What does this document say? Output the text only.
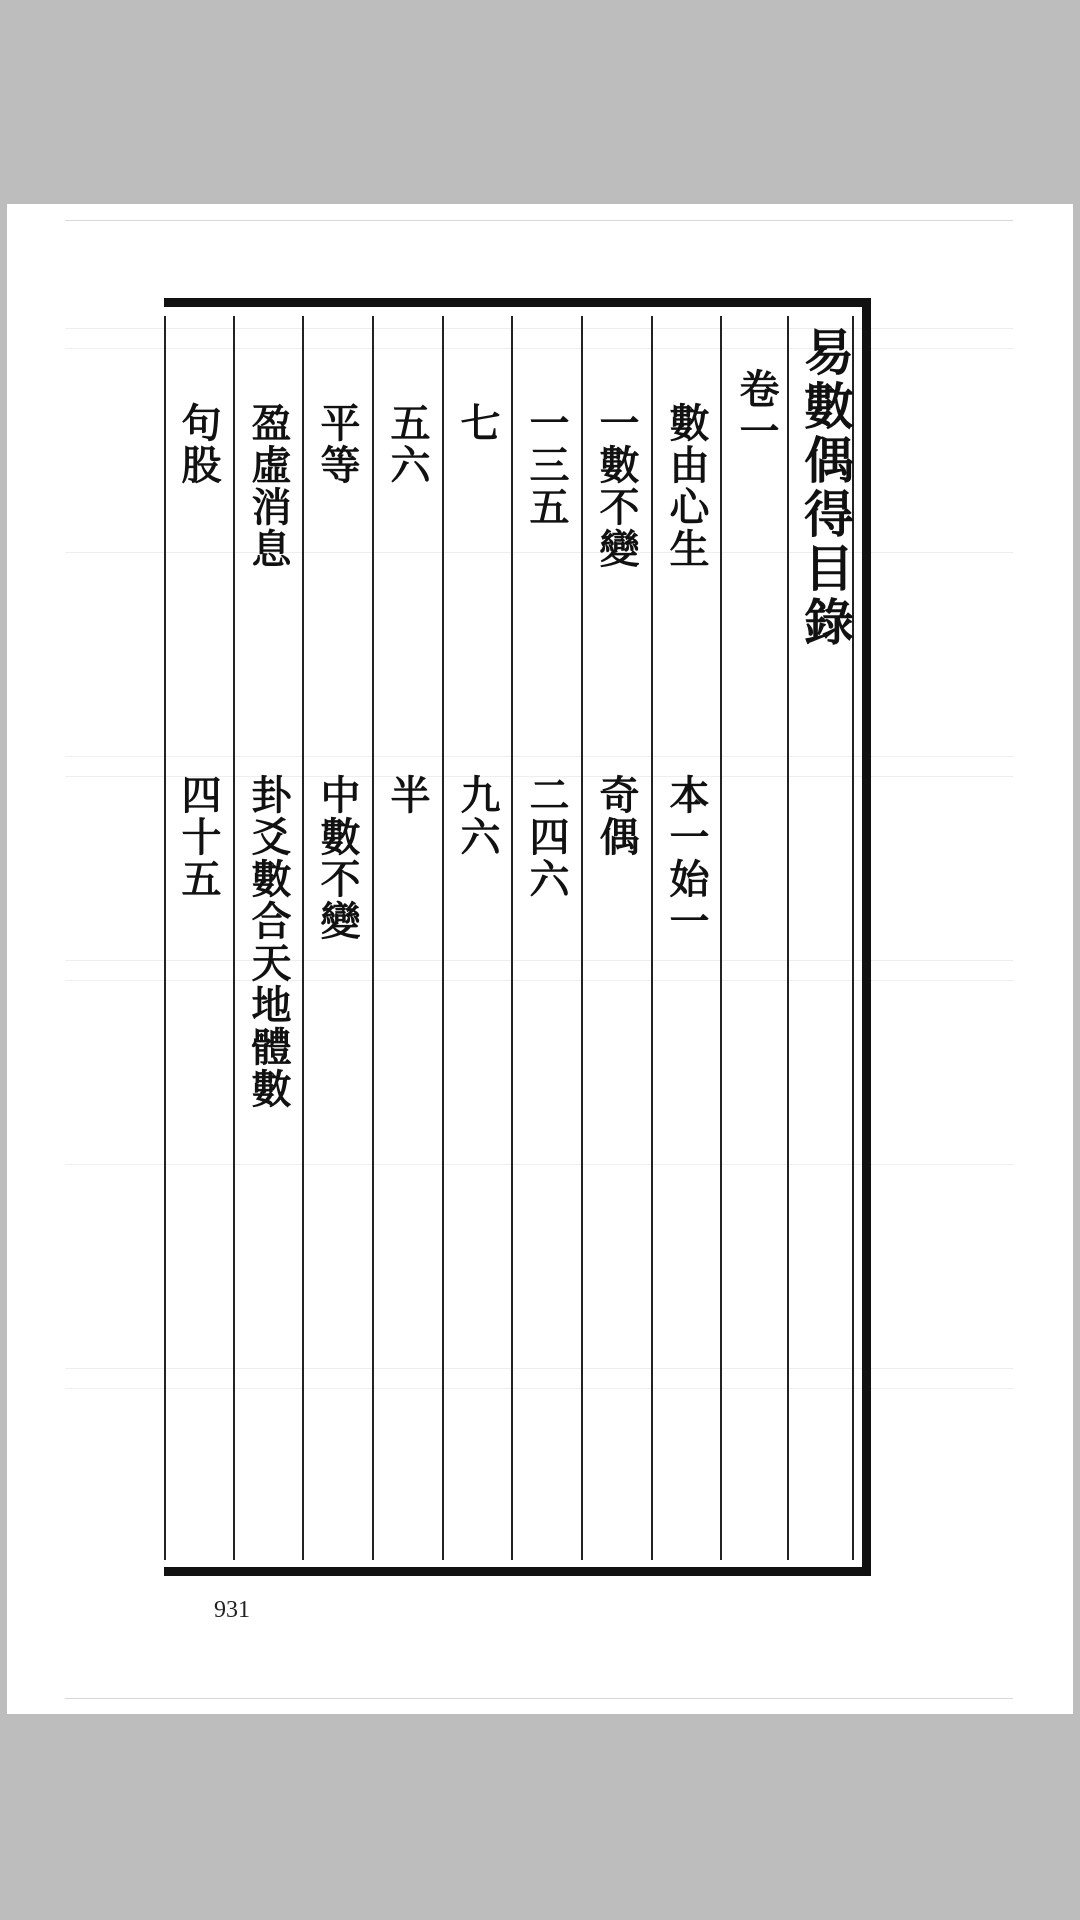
易數偶得目錄
卷一
數由心生
本一始一
一數不變
奇偶
一三五
二四六
七
九六
五六
半
平等
中數不變
盈虛消息
卦爻數合天地體數
句股
四十五
931
